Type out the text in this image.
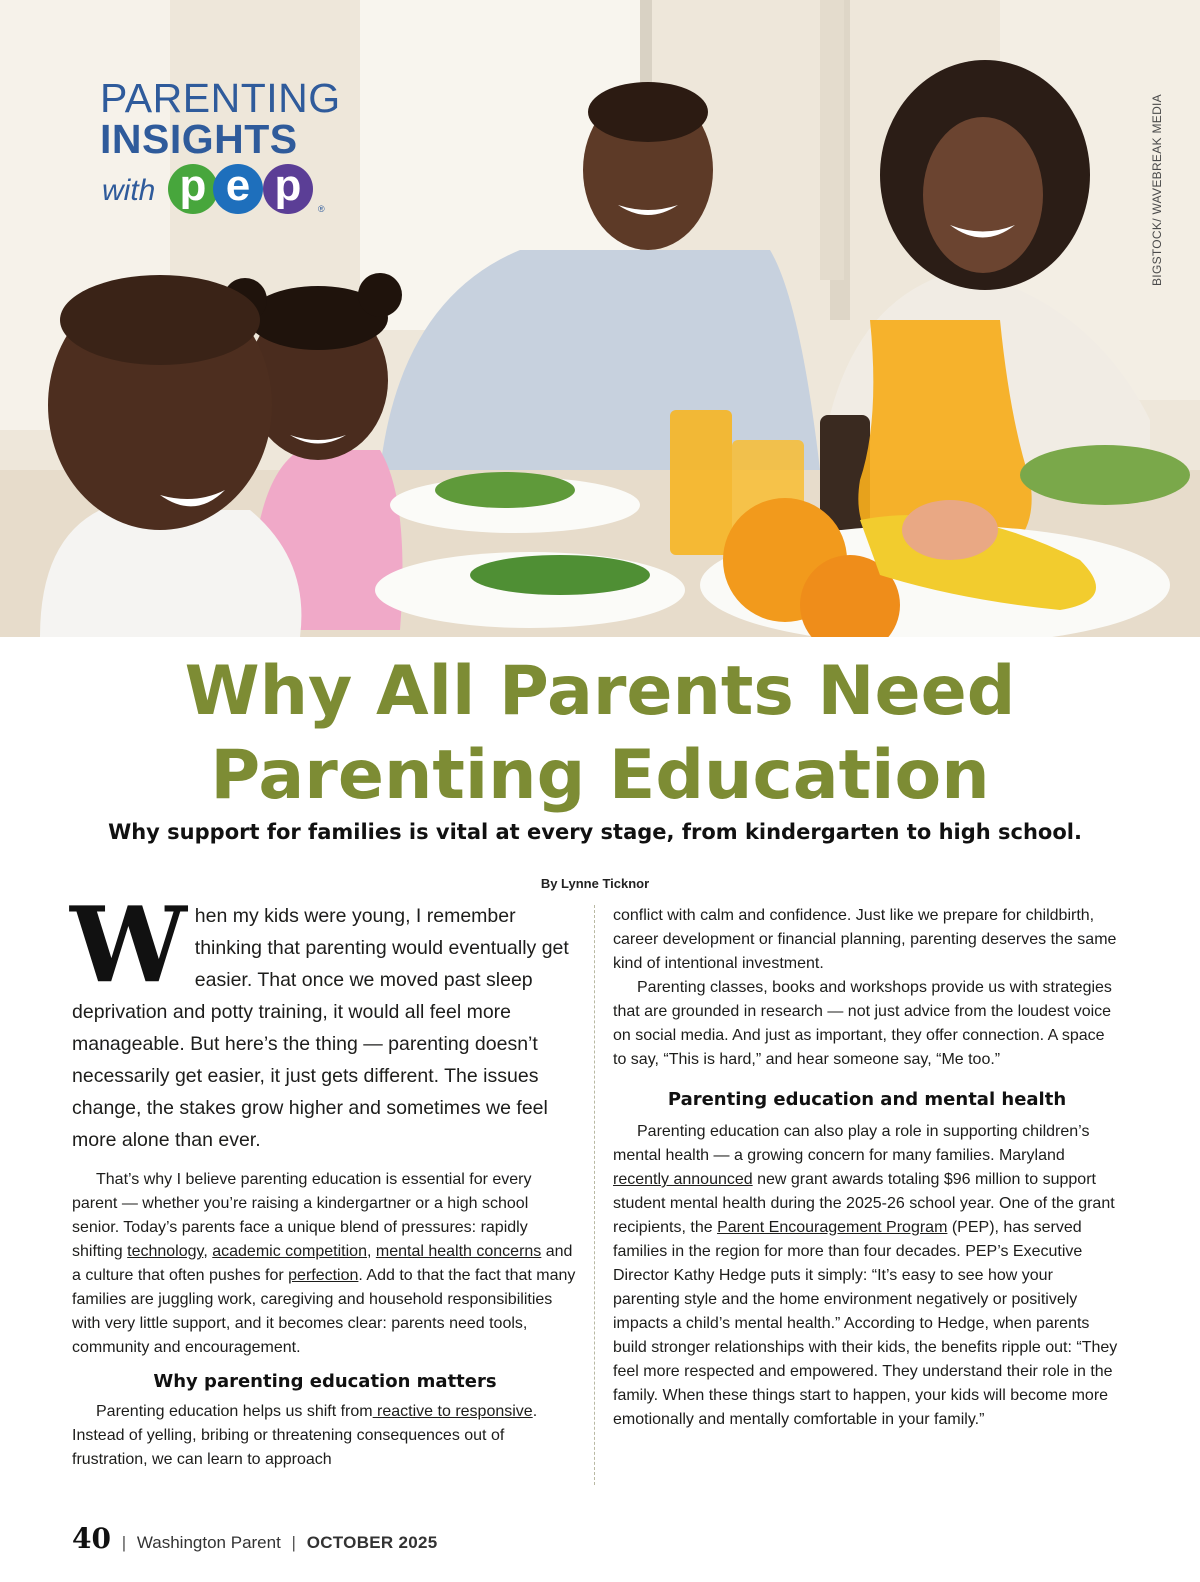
PARENTING
INSIGHTS
with p e p	®	BIGSTOCK/ WAVEBREAK MEDIA
Why All Parents Need
Parenting Education
Why support for families is vital at every stage, from kindergarten to high school.
By Lynne Ticknor

When my kids were young, I remember thinking that parenting would eventually get easier. That once we moved past sleep deprivation and potty training, it would all feel more manageable. But here’s the thing — parenting doesn’t necessarily get easier, it just gets different. The issues change, the stakes grow higher and sometimes we feel more alone than ever.

That’s why I believe parenting education is essential for every parent — whether you’re raising a kindergartner or a high school senior. Today’s parents face a unique blend of pressures: rapidly shifting technology, academic competition, mental health concerns and a culture that often pushes for perfection. Add to that the fact that many families are juggling work, caregiving and household responsibilities with very little support, and it becomes clear: parents need tools, community and encouragement.

Why parenting education matters

Parenting education helps us shift from reactive to responsive. Instead of yelling, bribing or threatening consequences out of frustration, we can learn to approach

conflict with calm and confidence. Just like we prepare for childbirth, career development or financial planning, parenting deserves the same kind of intentional investment.

Parenting classes, books and workshops provide us with strategies that are grounded in research — not just advice from the loudest voice on social media. And just as important, they offer connection. A space to say, “This is hard,” and hear someone say, “Me too.”

Parenting education and mental health

Parenting education can also play a role in supporting children’s mental health — a growing concern for many families. Maryland recently announced new grant awards totaling $96 million to support student mental health during the 2025-26 school year. One of the grant recipients, the Parent Encouragement Program (PEP), has served families in the region for more than four decades. PEP’s Executive Director Kathy Hedge puts it simply: “It’s easy to see how your parenting style and the home environment negatively or positively impacts a child’s mental health.” According to Hedge, when parents build stronger relationships with their kids, the benefits ripple out: “They feel more respected and empowered. They understand their role in the family. When these things start to happen, your kids will become more emotionally and mentally comfortable in your family.”

40 | Washington Parent | OCTOBER 2025
